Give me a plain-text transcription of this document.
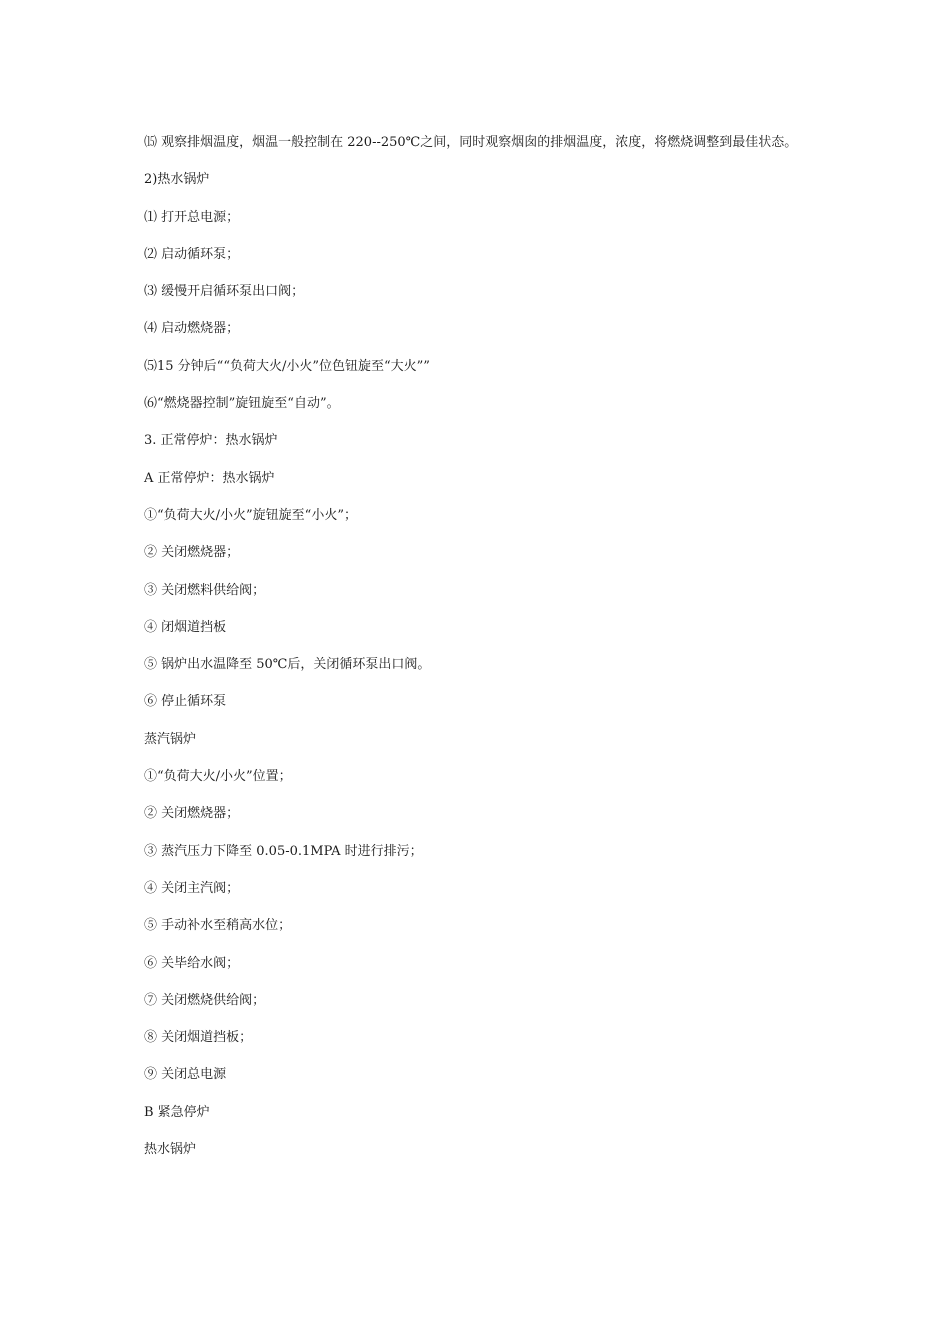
⒂ 观察排烟温度，烟温一般控制在 220--250℃之间，同时观察烟囱的排烟温度，浓度，将燃烧调整到最佳状态。

2)热水锅炉

⑴ 打开总电源；

⑵ 启动循环泵；

⑶ 缓慢开启循环泵出口阀；

⑷ 启动燃烧器；

⑸15 分钟后““负荷大火/小火”位色钮旋至“大火””

⑹“燃烧器控制”旋钮旋至“自动”。

3. 正常停炉：热水锅炉

A 正常停炉：热水锅炉

①“负荷大火/小火”旋钮旋至“小火”；

② 关闭燃烧器；

③ 关闭燃料供给阀；

④ 闭烟道挡板

⑤ 锅炉出水温降至 50℃后，关闭循环泵出口阀。

⑥ 停止循环泵

蒸汽锅炉

①“负荷大火/小火”位置；

② 关闭燃烧器；

③ 蒸汽压力下降至 0.05-0.1MPA 时进行排污；

④ 关闭主汽阀；

⑤ 手动补水至稍高水位；

⑥ 关毕给水阀；

⑦ 关闭燃烧供给阀；

⑧ 关闭烟道挡板；

⑨ 关闭总电源

B 紧急停炉

热水锅炉
